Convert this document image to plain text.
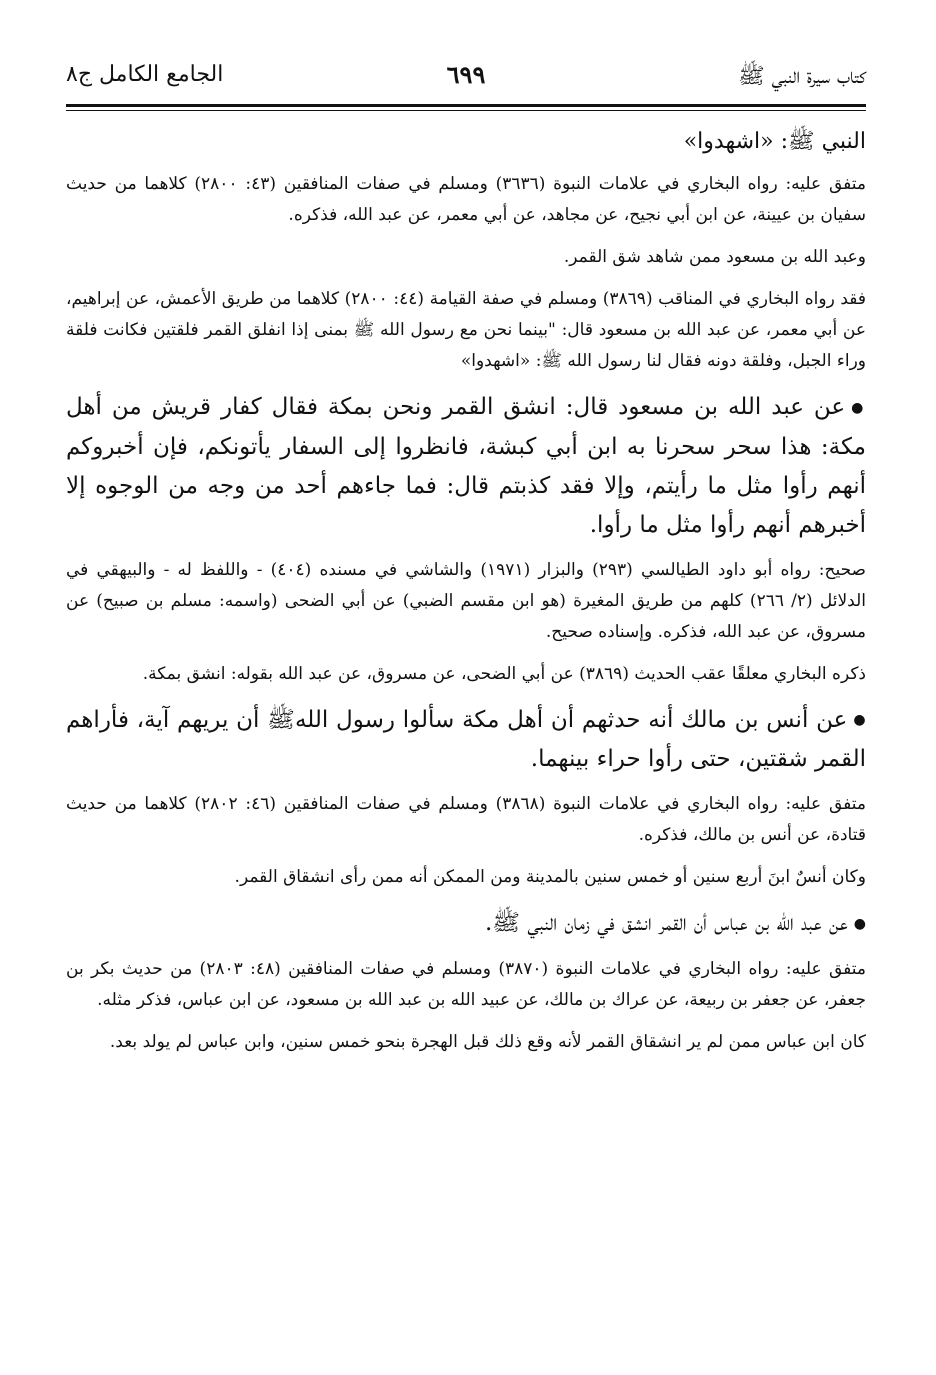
كتاب سيرة النبي ﷺ
٦٩٩
الجامع الكامل ج٨

النبي ﷺ: «اشهدوا»

متفق عليه: رواه البخاري في علامات النبوة (٣٦٣٦) ومسلم في صفات المنافقين (٤٣: ٢٨٠٠) كلاهما من حديث سفيان بن عيينة، عن ابن أبي نجيح، عن مجاهد، عن أبي معمر، عن عبد الله، فذكره.

وعبد الله بن مسعود ممن شاهد شق القمر.

فقد رواه البخاري في المناقب (٣٨٦٩) ومسلم في صفة القيامة (٤٤: ٢٨٠٠) كلاهما من طريق الأعمش، عن إبراهيم، عن أبي معمر، عن عبد الله بن مسعود قال: "بينما نحن مع رسول الله ﷺ بمنى إذا انفلق القمر فلقتين فكانت فلقة وراء الجبل، وفلقة دونه فقال لنا رسول الله ﷺ: «اشهدوا»

●عن عبد الله بن مسعود قال: انشق القمر ونحن بمكة فقال كفار قريش من أهل مكة: هذا سحر سحرنا به ابن أبي كبشة، فانظروا إلى السفار يأتونكم، فإن أخبروكم أنهم رأوا مثل ما رأيتم، وإلا فقد كذبتم قال: فما جاءهم أحد من وجه من الوجوه إلا أخبرهم أنهم رأوا مثل ما رأوا.

صحيح: رواه أبو داود الطيالسي (٢٩٣) والبزار (١٩٧١) والشاشي في مسنده (٤٠٤) - واللفظ له - والبيهقي في الدلائل (٢/ ٢٦٦) كلهم من طريق المغيرة (هو ابن مقسم الضبي) عن أبي الضحى (واسمه: مسلم بن صبيح) عن مسروق، عن عبد الله، فذكره. وإسناده صحيح.

ذكره البخاري معلقًا عقب الحديث (٣٨٦٩) عن أبي الضحى، عن مسروق، عن عبد الله بقوله: انشق بمكة.

●عن أنس بن مالك أنه حدثهم أن أهل مكة سألوا رسول اللهﷺ أن يريهم آية، فأراهم القمر شقتين، حتى رأوا حراء بينهما.

متفق عليه: رواه البخاري في علامات النبوة (٣٨٦٨) ومسلم في صفات المنافقين (٤٦: ٢٨٠٢) كلاهما من حديث قتادة، عن أنس بن مالك، فذكره.

وكان أنسٌ ابنَ أربع سنين أو خمس سنين بالمدينة ومن الممكن أنه ممن رأى انشقاق القمر.

●عن عبد الله بن عباس أن القمر انشق في زمان النبي ﷺ.

متفق عليه: رواه البخاري في علامات النبوة (٣٨٧٠) ومسلم في صفات المنافقين (٤٨: ٢٨٠٣) من حديث بكر بن جعفر، عن جعفر بن ربيعة، عن عراك بن مالك، عن عبيد الله بن عبد الله بن مسعود، عن ابن عباس، فذكر مثله.

كان ابن عباس ممن لم ير انشقاق القمر لأنه وقع ذلك قبل الهجرة بنحو خمس سنين، وابن عباس لم يولد بعد.
